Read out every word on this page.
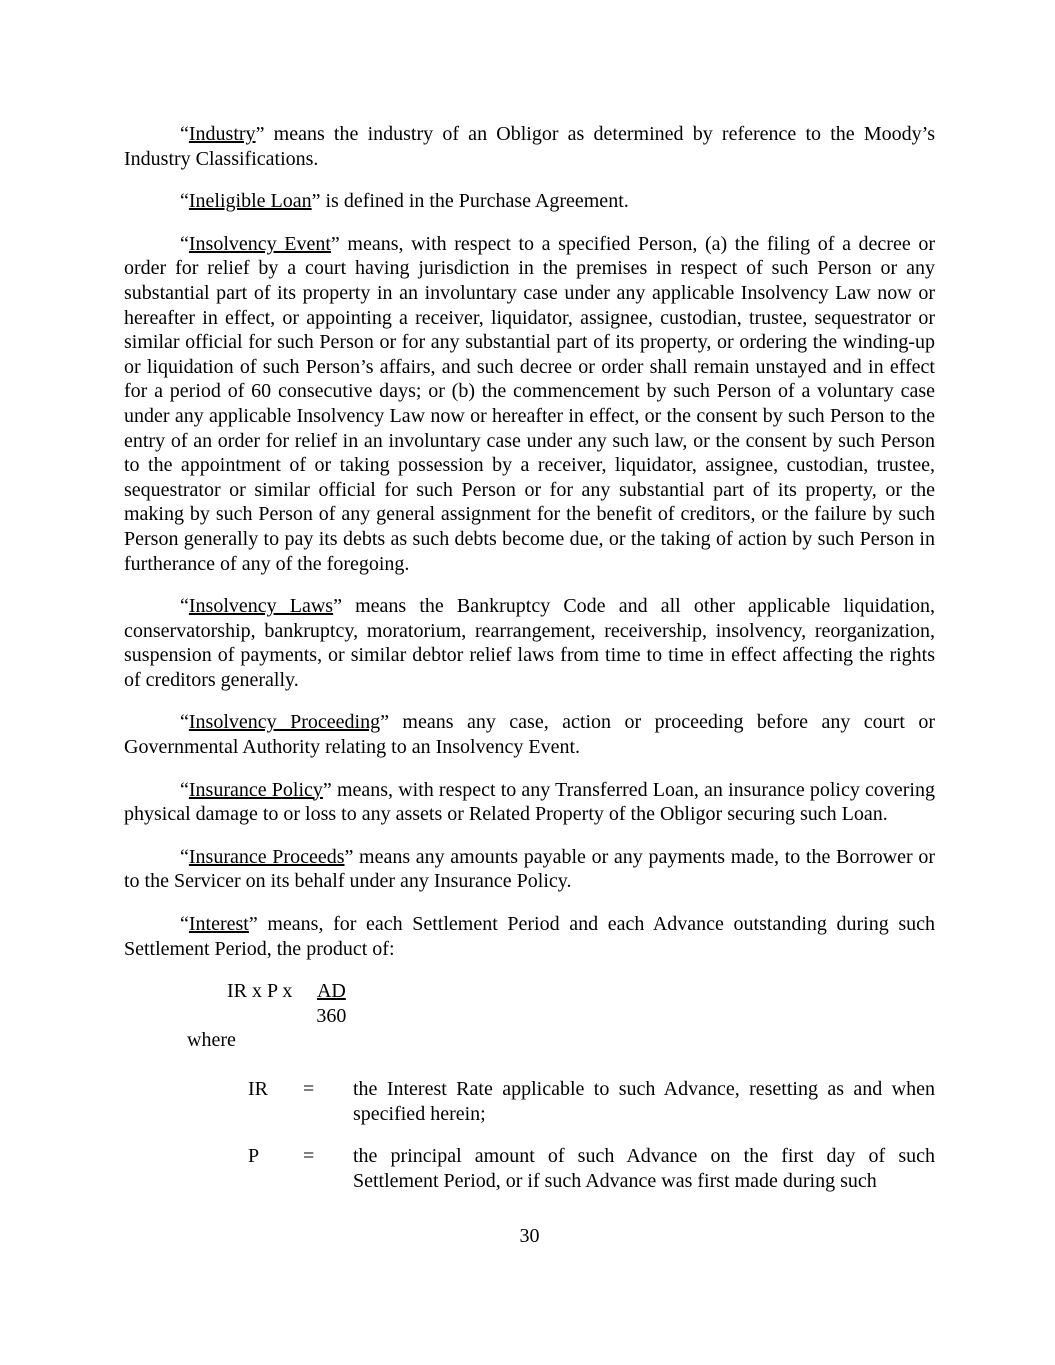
“Industry” means the industry of an Obligor as determined by reference to the Moody’s Industry Classifications.

“Ineligible Loan” is defined in the Purchase Agreement.

“Insolvency Event” means, with respect to a specified Person, (a) the filing of a decree or order for relief by a court having jurisdiction in the premises in respect of such Person or any substantial part of its property in an involuntary case under any applicable Insolvency Law now or hereafter in effect, or appointing a receiver, liquidator, assignee, custodian, trustee, sequestrator or similar official for such Person or for any substantial part of its property, or ordering the winding-up or liquidation of such Person’s affairs, and such decree or order shall remain unstayed and in effect for a period of 60 consecutive days; or (b) the commencement by such Person of a voluntary case under any applicable Insolvency Law now or hereafter in effect, or the consent by such Person to the entry of an order for relief in an involuntary case under any such law, or the consent by such Person to the appointment of or taking possession by a receiver, liquidator, assignee, custodian, trustee, sequestrator or similar official for such Person or for any substantial part of its property, or the making by such Person of any general assignment for the benefit of creditors, or the failure by such Person generally to pay its debts as such debts become due, or the taking of action by such Person in furtherance of any of the foregoing.

“Insolvency Laws” means the Bankruptcy Code and all other applicable liquidation, conservatorship, bankruptcy, moratorium, rearrangement, receivership, insolvency, reorganization, suspension of payments, or similar debtor relief laws from time to time in effect affecting the rights of creditors generally.

“Insolvency Proceeding” means any case, action or proceeding before any court or Governmental Authority relating to an Insolvency Event.

“Insurance Policy” means, with respect to any Transferred Loan, an insurance policy covering physical damage to or loss to any assets or Related Property of the Obligor securing such Loan.

“Insurance Proceeds” means any amounts payable or any payments made, to the Borrower or to the Servicer on its behalf under any Insurance Policy.

“Interest” means, for each Settlement Period and each Advance outstanding during such Settlement Period, the product of:

IR x P x $\frac{AD}{360}$
where
IR	=	the Interest Rate applicable to such Advance, resetting as and when specified herein;
P	=	the principal amount of such Advance on the first day of such Settlement Period, or if such Advance was first made during such
30
